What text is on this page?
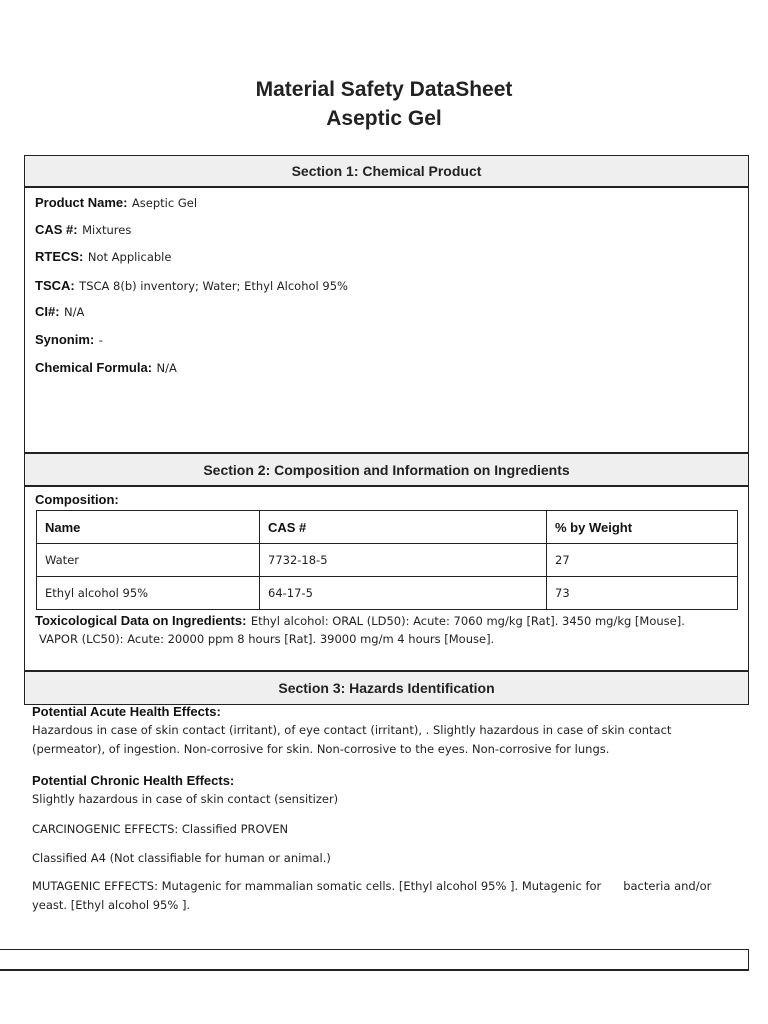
Material Safety DataSheet
Aseptic Gel
Section 1: Chemical Product
Product Name: Aseptic Gel
CAS #: Mixtures
RTECS: Not Applicable
TSCA: TSCA 8(b) inventory; Water; Ethyl Alcohol 95%
CI#: N/A
Synonim: -
Chemical Formula: N/A
Section 2: Composition and Information on Ingredients
Composition:
Name	CAS #	% by Weight
Water	7732-18-5	27
Ethyl alcohol 95%	64-17-5	73
Toxicological Data on Ingredients: Ethyl alcohol: ORAL (LD50): Acute: 7060 mg/kg [Rat]. 3450 mg/kg [Mouse].
VAPOR (LC50): Acute: 20000 ppm 8 hours [Rat]. 39000 mg/m 4 hours [Mouse].
Section 3: Hazards Identification
Potential Acute Health Effects:
Hazardous in case of skin contact (irritant), of eye contact (irritant), . Slightly hazardous in case of skin contact
(permeator), of ingestion. Non-corrosive for skin. Non-corrosive to the eyes. Non-corrosive for lungs.
Potential Chronic Health Effects:
Slightly hazardous in case of skin contact (sensitizer)
CARCINOGENIC EFFECTS: Classified PROVEN
Classified A4 (Not classifiable for human or animal.)
MUTAGENIC EFFECTS: Mutagenic for mammalian somatic cells. [Ethyl alcohol 95% ]. Mutagenic for      bacteria and/or
yeast. [Ethyl alcohol 95% ].
